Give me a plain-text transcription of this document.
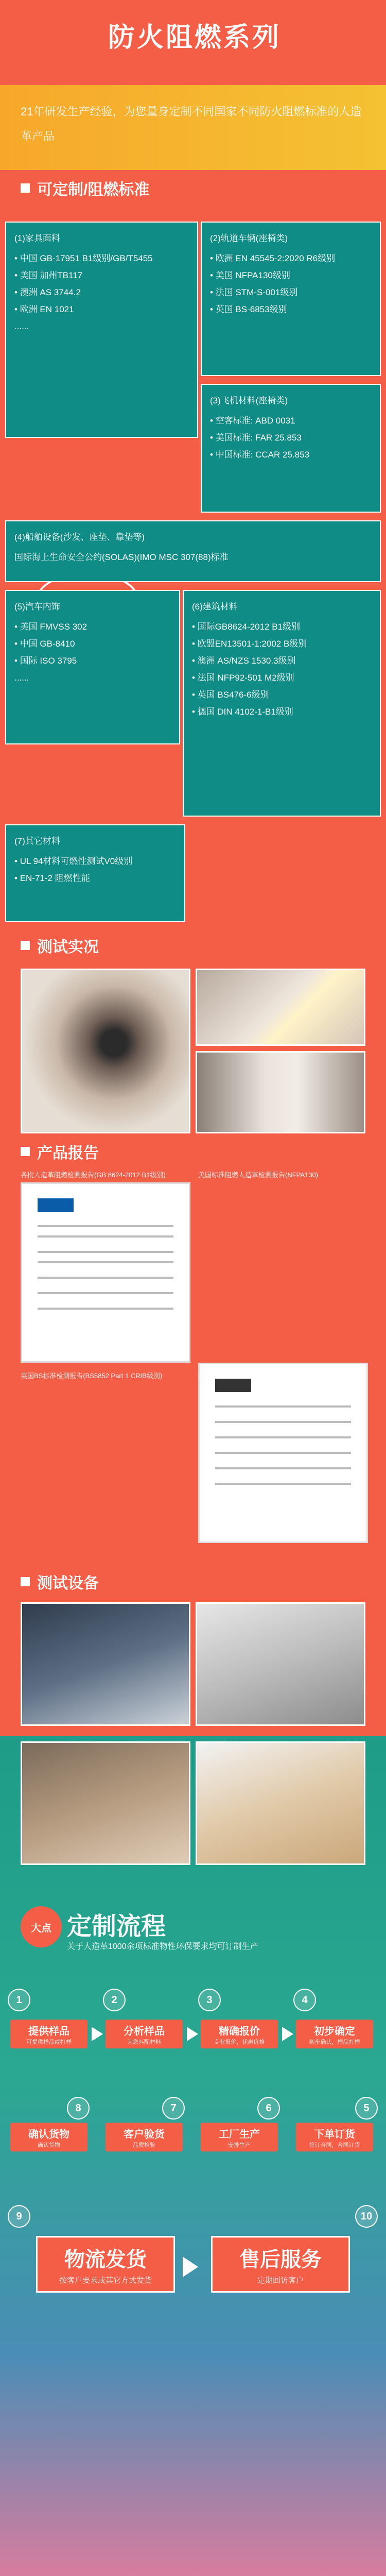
防火阻燃系列
21年研发生产经验，为您量身定制不同国家不同防火阻燃标准的人造革产品
可定制/阻燃标准
(1)家具面料
• 中国 GB-17951 B1级别/GB/T5455
• 美国 加州TB117
• 澳洲 AS 3744.2
• 欧洲 EN 1021
......
(2)轨道车辆(座椅类)
• 欧洲 EN 45545-2:2020 R6级别
• 美国 NFPA130级别
• 法国 STM-S-001级别
• 英国 BS-6853级别
(3)飞机材料(座椅类)
• 空客标准: ABD 0031
• 美国标准: FAR 25.853
• 中国标准: CCAR 25.853
(4)船舶设备(沙发、座垫、靠垫等)
国际海上生命安全公约(SOLAS)(IMO MSC 307(88)标准
(5)汽车内饰
• 美国 FMVSS 302
• 中国 GB-8410
• 国际 ISO 3795
......
(6)建筑材料
• 国际GB8624-2012 B1级别
• 欧盟EN13501-1:2002 B级别
• 澳洲 AS/NZS 1530.3级别
• 法国 NFP92-501 M2级别
• 英国 BS476-6级别
• 德国 DIN 4102-1-B1级别
(7)其它材料
• UL 94材料可燃性测试V0级别
• EN-71-2 阻燃性能
测试实况
产品报告
各批人造革阻燃检测报告(GB 8624-2012 B1级别)	美国标准阻燃人造革检测报告(NFPA130)
英国BS标准检测报告(BS5852 Part 1 CRIB级别)	欧洲标准检测报告(EN45545-2:2020 R6级别)
测试设备
大点 定制流程
关于人造革1000余项标准物性环保要求均可订制生产
1
提供样品
可提供样品或打样
2
分析样品
为您匹配材料
3
精确报价
专业报价，优惠价格
4
初步确定
初步确认，样品打样
5
下单订货
签订合同，合同订货
6
工厂生产
安排生产
7
客户验货
品质检验
8
确认货物
确认货物
9
物流发货
按客户要求或其它方式发货
10
售后服务
定期回访客户
